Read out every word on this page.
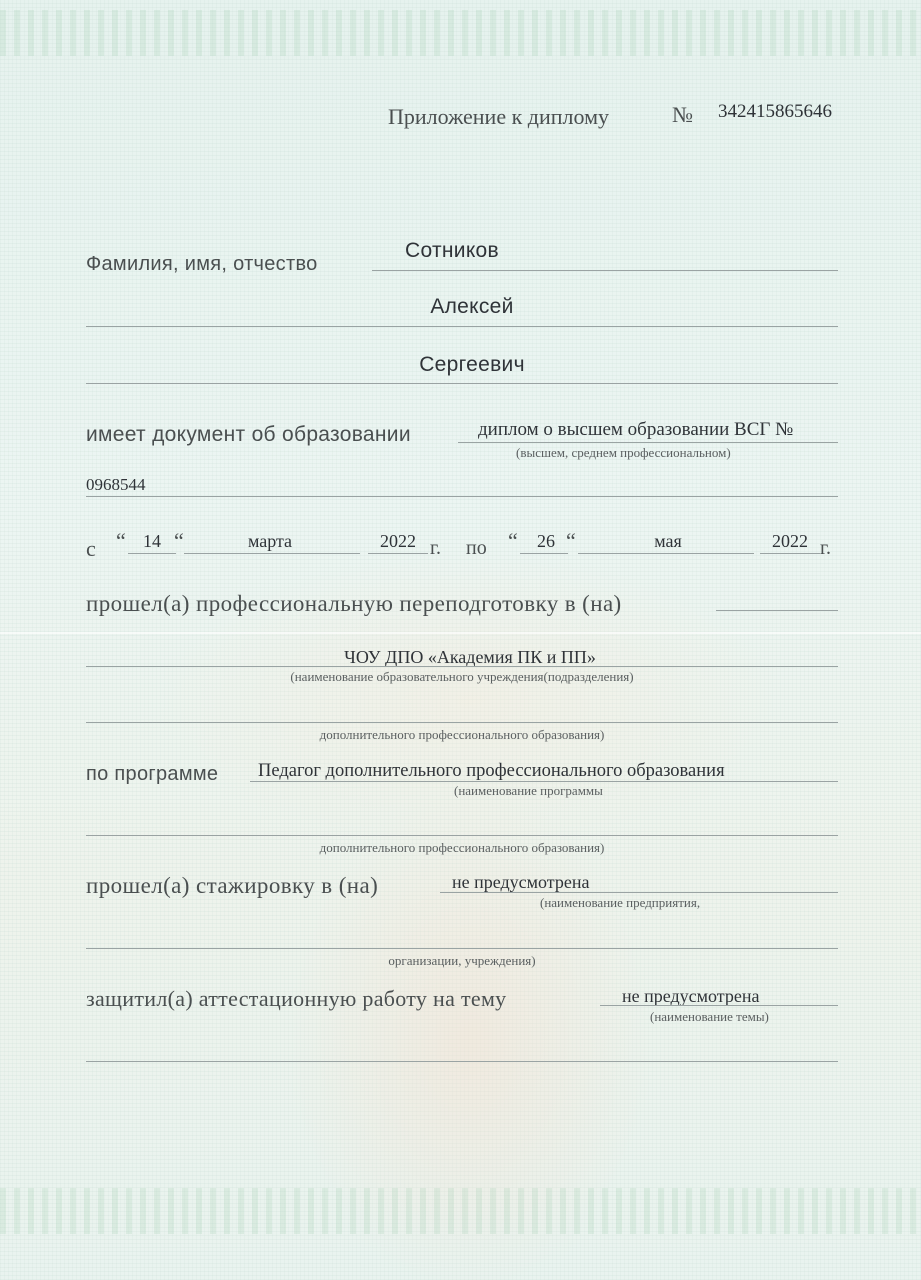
Приложение к диплому	№ 342415865646
Фамилия, имя, отчество
Сотников
Алексей
Сергеевич
имеет документ об образовании	диплом о высшем образовании ВСГ №
(высшем, среднем профессиональном)
0968544
с “ 14 “	марта	2022 г. по “ 26 “	мая	2022 г.
прошел(а) профессиональную переподготовку в (на)
ЧОУ ДПО «Академия ПК и ПП»
(наименование образовательного учреждения(подразделения)
дополнительного профессионального образования)
по программе Педагог дополнительного профессионального образования
(наименование программы
дополнительного профессионального образования)
прошел(а) стажировку в (на)	не предусмотрена
(наименование предприятия,
организации, учреждения)
защитил(а) аттестационную работу на тему	не предусмотрена
(наименование темы)
